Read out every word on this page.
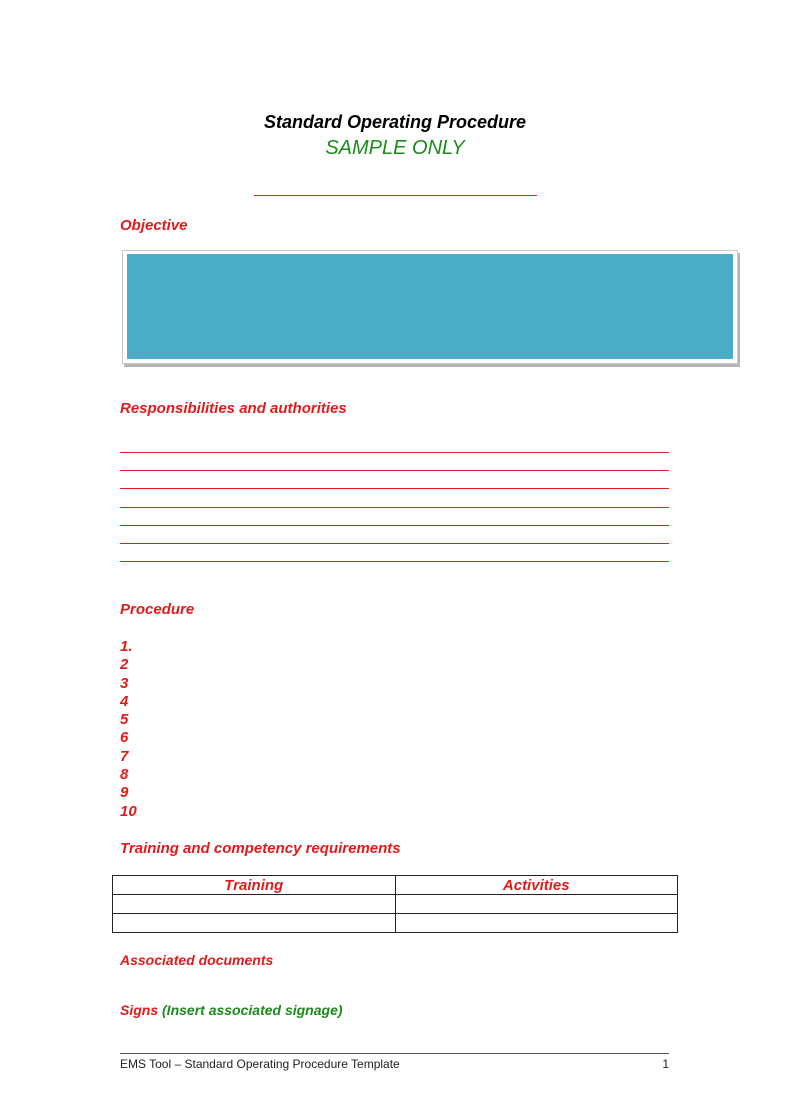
Standard Operating Procedure
SAMPLE ONLY
Objective
Responsibilities and authorities
Procedure
1.
2
3
4
5
6
7
8
9
10
Training and competency requirements
Training	Activities

Associated documents
Signs (Insert associated signage)
EMS Tool – Standard Operating Procedure Template	1
